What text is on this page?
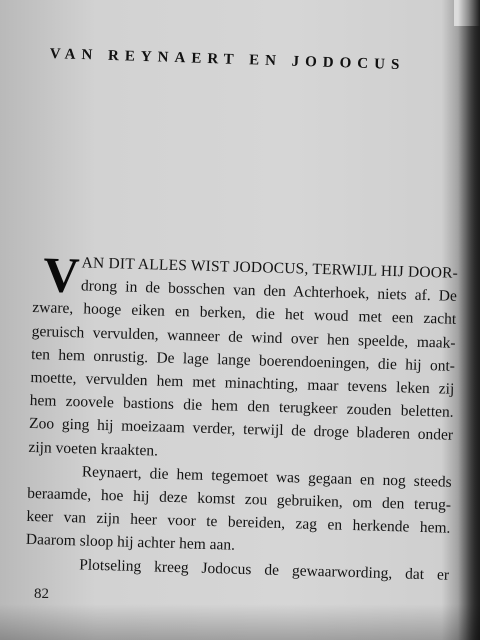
VAN REYNAERT EN JODOCUS
V AN DIT ALLES WIST JODOCUS, TERWIJL HIJ DOOR-
drong in de bosschen van den Achterhoek, niets af. De
zware, hooge eiken en berken, die het woud met een zacht
geruisch vervulden, wanneer de wind over hen speelde, maak-
ten hem onrustig. De lage lange boerendoeningen, die hij ont-
moette, vervulden hem met minachting, maar tevens leken zij
hem zoovele bastions die hem den terugkeer zouden beletten.
Zoo ging hij moeizaam verder, terwijl de droge bladeren onder
zijn voeten kraakten.
Reynaert, die hem tegemoet was gegaan en nog steeds
beraamde, hoe hij deze komst zou gebruiken, om den terug-
keer van zijn heer voor te bereiden, zag en herkende hem.
Daarom sloop hij achter hem aan.
Plotseling kreeg Jodocus de gewaarwording, dat er
82
